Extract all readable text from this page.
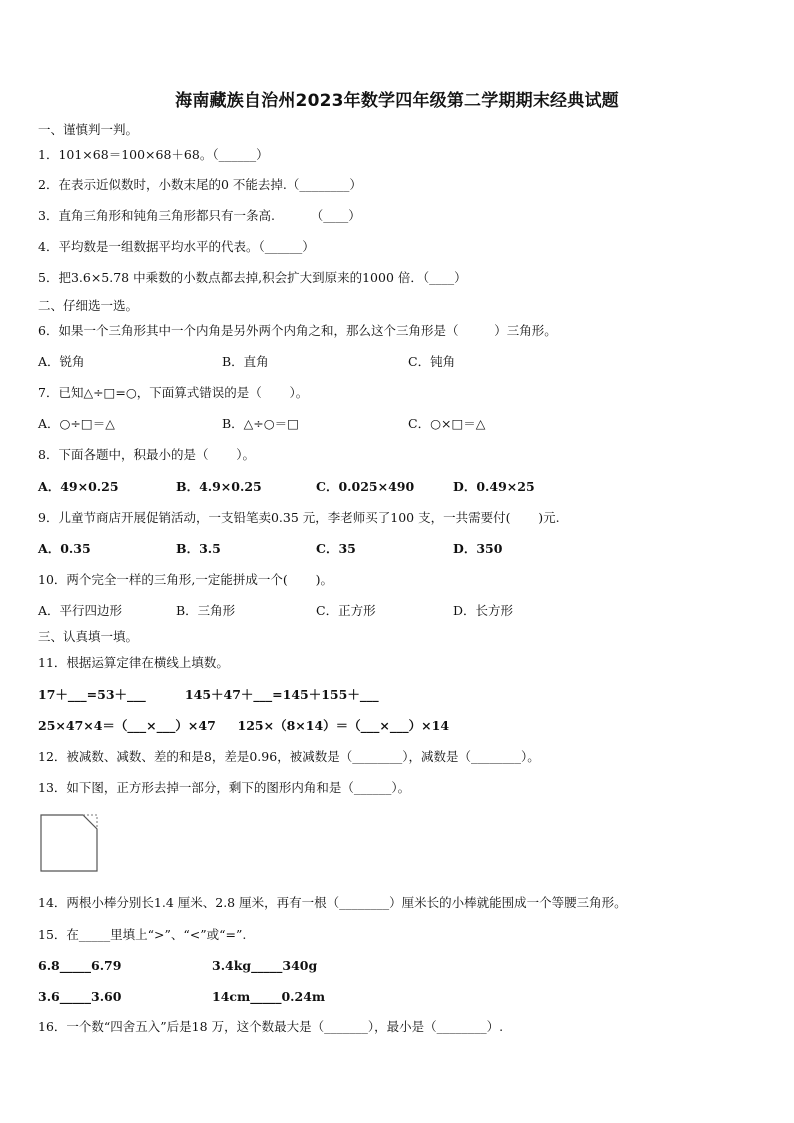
海南藏族自治州2023年数学四年级第二学期期末经典试题
一、谨慎判一判。
1．101×68＝100×68＋68。（______）
2．在表示近似数时，小数末尾的0 不能去掉.（________）
3．直角三角形和钝角三角形都只有一条高.         （____）
4．平均数是一组数据平均水平的代表。（______）
5．把3.6×5.78 中乘数的小数点都去掉,积会扩大到原来的1000 倍．（____）
二、仔细选一选。
6．如果一个三角形其中一个内角是另外两个内角之和，那么这个三角形是（         ）三角形。
A．锐角	B．直角	C．钝角
7．已知△÷□=○，下面算式错误的是（       ）。
A．○÷□＝△	B．△÷○＝□	C．○×□＝△
8．下面各题中，积最小的是（       ）。
A．49×0.25	B．4.9×0.25	C．0.025×490	D．0.49×25
9．儿童节商店开展促销活动，一支铅笔卖0.35 元，李老师买了100 支，一共需要付(       )元.
A．0.35	B．3.5	C．35	D．350
10．两个完全一样的三角形,一定能拼成一个(       )。
A．平行四边形	B．三角形	C．正方形	D．长方形
三、认真填一填。
11．根据运算定律在横线上填数。
17＋___=53＋___         145＋47＋___=145＋155＋___
25×47×4＝（___×___）×47     125×（8×14）＝（___×___）×14
12．被减数、减数、差的和是8，差是0.96，被减数是（________），减数是（________）。
13．如下图，正方形去掉一部分，剩下的图形内角和是（______）。
14．两根小棒分别长1.4 厘米、2.8 厘米，再有一根（________）厘米长的小棒就能围成一个等腰三角形。
15．在_____里填上“>”、“<”或“=”.
6.8_____6.79	3.4kg_____340g
3.6_____3.60	14cm_____0.24m
16．一个数“四舍五入”后是18 万，这个数最大是（_______），最小是（________）.
